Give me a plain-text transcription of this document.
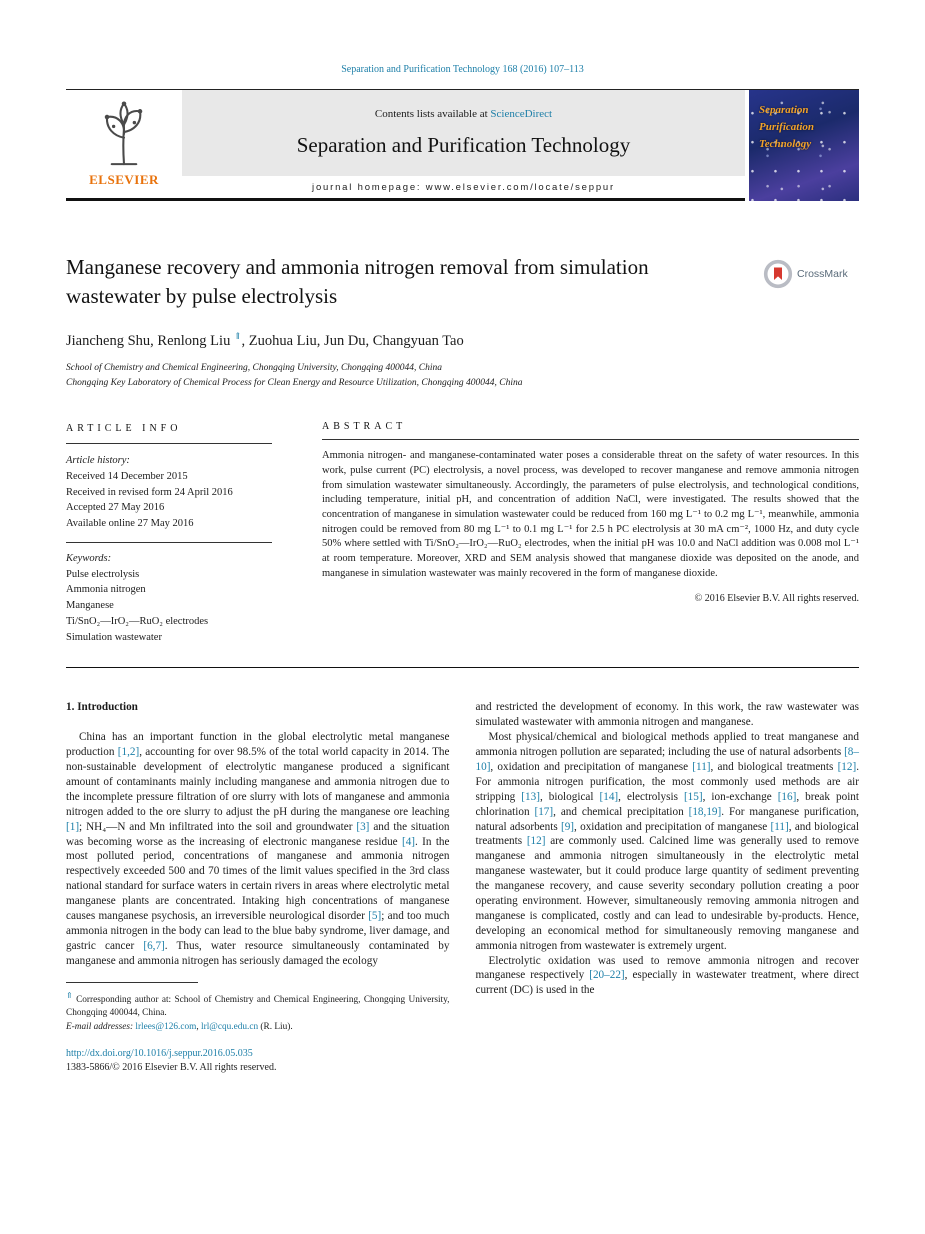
Separation and Purification Technology 168 (2016) 107–113
ELSEVIER
Contents lists available at ScienceDirect
Separation and Purification Technology
journal homepage: www.elsevier.com/locate/seppur
Separation
Purification
Technology
Manganese recovery and ammonia nitrogen removal from simulation wastewater by pulse electrolysis
CrossMark
Jiancheng Shu, Renlong Liu ⇑, Zuohua Liu, Jun Du, Changyuan Tao
School of Chemistry and Chemical Engineering, Chongqing University, Chongqing 400044, China
Chongqing Key Laboratory of Chemical Process for Clean Energy and Resource Utilization, Chongqing 400044, China
ARTICLE INFO
Article history:
Received 14 December 2015
Received in revised form 24 April 2016
Accepted 27 May 2016
Available online 27 May 2016
Keywords:
Pulse electrolysis
Ammonia nitrogen
Manganese
Ti/SnO₂—IrO₂—RuO₂ electrodes
Simulation wastewater
ABSTRACT
Ammonia nitrogen- and manganese-contaminated water poses a considerable threat on the safety of water resources. In this work, pulse current (PC) electrolysis, a novel process, was developed to recover manganese and remove ammonia nitrogen from simulation wastewater simultaneously. Accordingly, the parameters of pulse electrolysis, and technological conditions, including temperature, initial pH, and concentration of addition NaCl, were investigated. The results showed that the concentration of manganese in simulation wastewater could be reduced from 160 mg L⁻¹ to 0.2 mg L⁻¹, meanwhile, ammonia nitrogen could be removed from 80 mg L⁻¹ to 0.1 mg L⁻¹ for 2.5 h PC electrolysis at 30 mA cm⁻², 1000 Hz, and duty cycle 50% where settled with Ti/SnO₂—IrO₂—RuO₂ electrodes, when the initial pH was 10.0 and NaCl addition was 0.008 mol L⁻¹ at room temperature. Moreover, XRD and SEM analysis showed that manganese dioxide was deposited on the anode, and manganese in simulation wastewater was mainly recovered in the form of manganese dioxide.
© 2016 Elsevier B.V. All rights reserved.
1. Introduction

China has an important function in the global electrolytic metal manganese production [1,2], accounting for over 98.5% of the total world capacity in 2014. The non-sustainable development of electrolytic manganese produced a significant amount of contaminants mainly including manganese and ammonia nitrogen due to the incomplete pressure filtration of ore slurry with lots of manganese and ammonia nitrogen added to the ore slurry to adjust the pH during the manganese ore leaching [1]; NH₄—N and Mn infiltrated into the soil and groundwater [3] and the situation was becoming worse as the increasing of electronic manganese residue [4]. In the most polluted period, concentrations of manganese and ammonia nitrogen respectively exceeded 500 and 70 times of the limit values specified in the 3rd class national standard for surface waters in certain rivers in areas where electrolytic metal manganese plants are concentrated. Intaking high concentrations of manganese causes manganese psychosis, an irreversible neurological disorder [5]; and too much ammonia nitrogen in the body can lead to the blue baby syndrome, liver damage, and gastric cancer [6,7]. Thus, water resource simultaneously contaminated by manganese and ammonia nitrogen has seriously damaged the ecology

⇑ Corresponding author at: School of Chemistry and Chemical Engineering, Chongqing University, Chongqing 400044, China.
E-mail addresses: lrlees@126.com, lrl@cqu.edu.cn (R. Liu).

and restricted the development of economy. In this work, the raw wastewater was simulated wastewater with ammonia nitrogen and manganese.

Most physical/chemical and biological methods applied to treat manganese and ammonia nitrogen pollution are separated; including the use of natural adsorbents [8–10], oxidation and precipitation of manganese [11], and biological treatments [12]. For ammonia nitrogen purification, the most commonly used methods are air stripping [13], biological [14], electrolysis [15], ion-exchange [16], break point chlorination [17], and chemical precipitation [18,19]. For manganese purification, natural adsorbents [9], oxidation and precipitation of manganese [11], and biological treatments [12] are commonly used. Calcined lime was generally used to remove manganese and ammonia nitrogen simultaneously in the electrolytic metal manganese wastewater, but it could produce large quantity of sediment preventing the manganese recovery, and cause severity secondary pollution creating a poor operating environment. However, simultaneously removing ammonia nitrogen and manganese is complicated, costly and can lead to undesirable by-products. Hence, developing an economical method for simultaneously removing manganese and ammonia nitrogen from wastewater is extremely urgent.

Electrolytic oxidation was used to remove ammonia nitrogen and recover manganese respectively [20–22], especially in wastewater treatment, where direct current (DC) is used in the

http://dx.doi.org/10.1016/j.seppur.2016.05.035
1383-5866/© 2016 Elsevier B.V. All rights reserved.
